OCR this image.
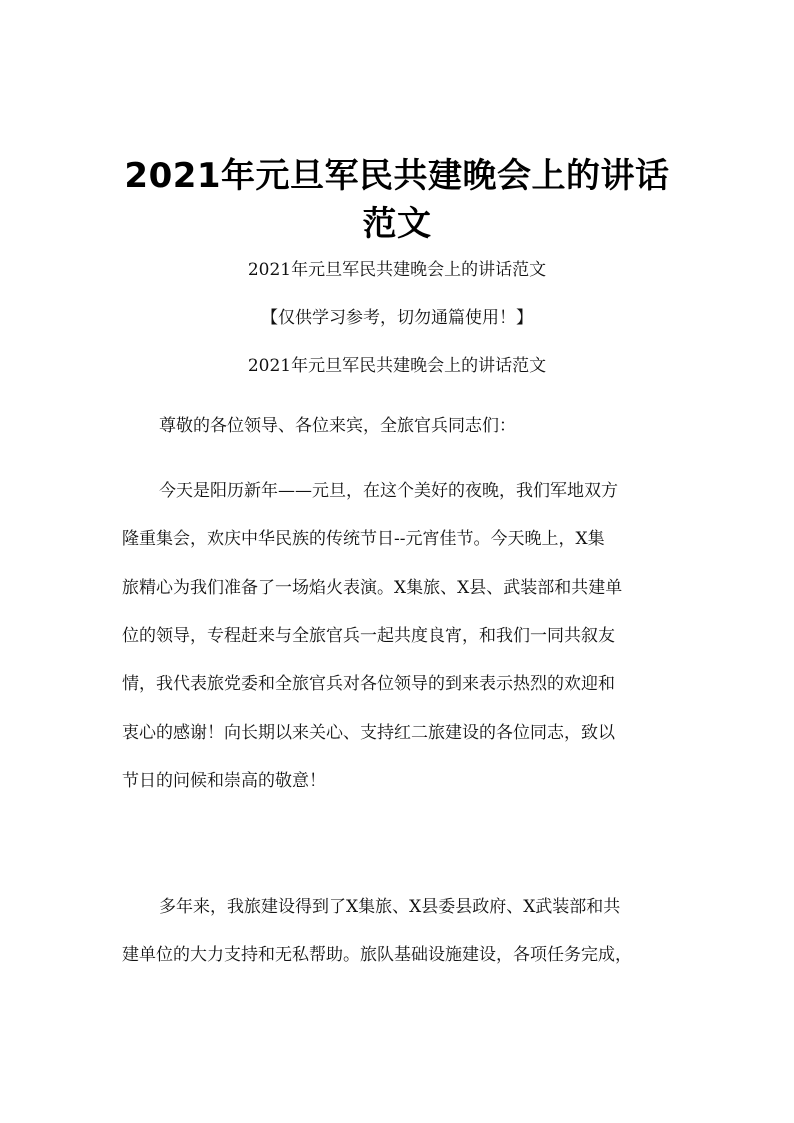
2021年元旦军民共建晚会上的讲话
范文
2021年元旦军民共建晚会上的讲话范文
【仅供学习参考，切勿通篇使用！】
2021年元旦军民共建晚会上的讲话范文
尊敬的各位领导、各位来宾，全旅官兵同志们：
今天是阳历新年——元旦，在这个美好的夜晚，我们军地双方
隆重集会，欢庆中华民族的传统节日--元宵佳节。今天晚上，X集
旅精心为我们准备了一场焰火表演。X集旅、X县、武装部和共建单
位的领导，专程赶来与全旅官兵一起共度良宵，和我们一同共叙友
情，我代表旅党委和全旅官兵对各位领导的到来表示热烈的欢迎和
衷心的感谢！向长期以来关心、支持红二旅建设的各位同志，致以
节日的问候和崇高的敬意！
多年来，我旅建设得到了X集旅、X县委县政府、X武装部和共
建单位的大力支持和无私帮助。旅队基础设施建设，各项任务完成，
